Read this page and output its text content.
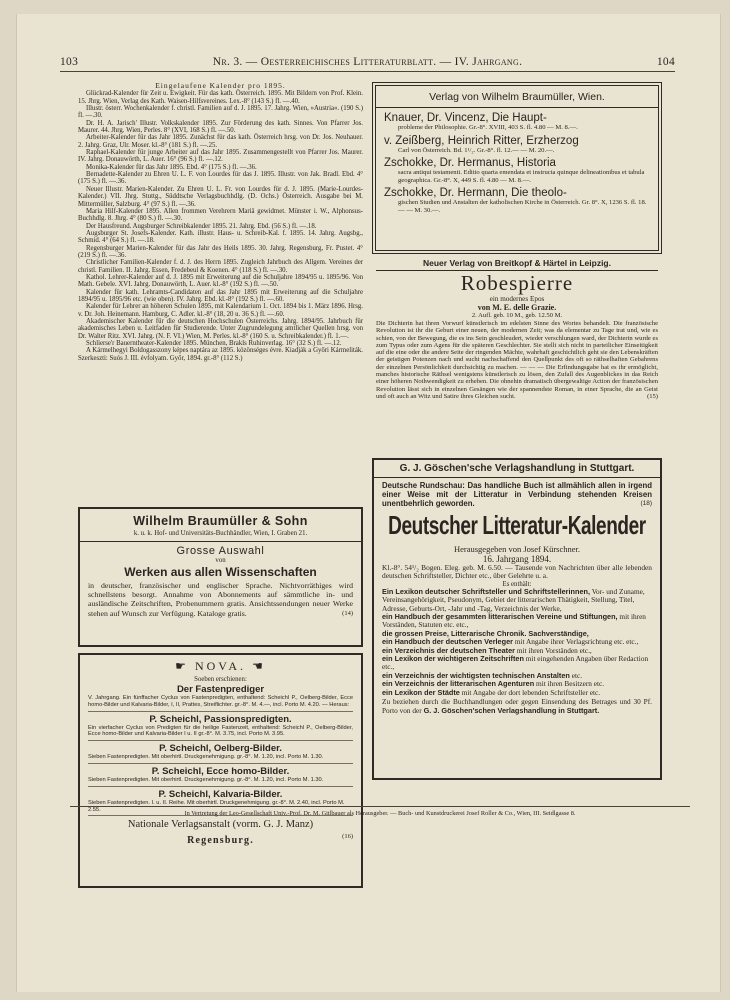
103	Nr. 3. — Oesterreichisches Litteraturblatt. — IV. Jahrgang.	104

Eingelaufene Kalender pro 1895.

Glückrad-Kalender für Zeit u. Ewigkeit. Für das kath. Österreich. 1895. Mit Bildern von Prof. Klein. 15. Jhrg. Wien, Verlag des Kath. Waisen-Hilfsvereines. Lex.-8° (143 S.) fl. —.40.

Illustr. österr. Wochenkalender f. christl. Familien auf d. J. 1895. 17. Jahrg. Wien, »Austria«. (190 S.) fl. —.30.

Dr. H. A. Jarisch' Illustr. Volkskalender 1895. Zur Förderung des kath. Sinnes. Von Pfarrer Jos. Maurer. 44. Jhrg. Wien, Perles. 8° (XVI, 168 S.) fl. —.50.

Arbeiter-Kalender für das Jahr 1895. Zunächst für das kath. Österreich hrsg. von Dr. Jos. Neuhauer. 2. Jahrg. Graz, Ulr. Moser. kl.-8° (181 S.) fl. —.25.

Raphael-Kalender für junge Arbeiter auf das Jahr 1895. Zusammengestellt von Pfarrer Jos. Maurer. IV. Jahrg. Donauwörth, L. Auer. 16° (96 S.) fl. —.12.

Monika-Kalender für das Jahr 1895. Ebd. 4° (175 S.) fl. —.36.

Bernadette-Kalender zu Ehren U. L. F. von Lourdes für das J. 1895. Illustr. von Jak. Bradl. Ebd. 4° (175 S.) fl. —.36.

Neuer Illustr. Marien-Kalender. Zu Ehren U. L. Fr. von Lourdes für d. J. 1895. (Marie-Lourdes-Kalender.) VII. Jhrg. Stuttg., Süddtsche Verlagsbuchhdlg. (D. Ochs.) Österreich. Ausgabe bei M. Mittermüller, Salzburg. 4° (97 S.) fl. —.36.

Maria Hilf-Kalender 1895. Allen frommen Verehrern Mariä gewidmet. Münster i. W., Alphonsus-Buchhdlg. 8. Jhrg. 4° (80 S.) fl. —.30.

Der Hausfreund. Augsburger Schreibkalender 1895. 21. Jahrg. Ebd. (56 S.) fl. —.18.

Augsburger St. Josefs-Kalender. Kath. illustr. Haus- u. Schreib-Kal. f. 1895. 14. Jahrg. Augsbg., Schmid. 4° (64 S.) fl. —.18.

Regensburger Marien-Kalender für das Jahr des Heils 1895. 30. Jahrg. Regensburg, Fr. Pustet. 4° (219 S.) fl. —.36.

Christlicher Familien-Kalender f. d. J. des Herrn 1895. Zugleich Jahrbuch des Allgem. Vereines der christl. Familien. II. Jahrg. Essen, Fredebeul & Koenen. 4° (118 S.) fl. —.30.

Kathol. Lehrer-Kalender auf d. J. 1895 mit Erweiterung auf die Schuljahre 1894/95 u. 1895/96. Von Math. Gebele. XVI. Jahrg. Donauwörth, L. Auer. kl.-8° (192 S.) fl. —.50.

Kalender für kath. Lehramts-Candidaten auf das Jahr 1895 mit Erweiterung auf die Schuljahre 1894/95 u. 1895/96 etc. (wie oben). IV. Jahrg. Ebd. kl.-8° (192 S.) fl. —.60.

Kalender für Lehrer an höheren Schulen 1895, mit Kalendarium 1. Oct. 1894 bis 1. März 1896. Hrsg. v. Dr. Joh. Heinemann. Hamburg, C. Adler. kl.-8° (18, 20 u. 36 S.) fl. —.60.

Akademischer Kalender für die deutschen Hochschulen Österreichs. Jahrg. 1894/95. Jahrbuch für akademisches Leben u. Leitfaden für Studierende. Unter Zugrundelegung amtlicher Quellen hrsg. von Dr. Walter Ritz. XVI. Jahrg. (N. F. VI.) Wien, M. Perles. kl.-8° (160 S. u. Schreibkalender.) fl. 1.—.

Schlierse'r Bauerntheater-Kalender 1895. München, Brakls Ruhinverlag. 16° (32 S.) fl. —.12.

A Kármelhegyi Boldogasszony képes naptára az 1895. közönséges évre. Kiadják a Győri Kármeliták. Szerkeszti: Suós J. III. évfolyam. Győr, 1894. gr.-8° (112 S.)

Wilhelm Braumüller & Sohn
k. u. k. Hof- und Universitäts-Buchhändler, Wien, I. Graben 21.
Grosse Auswahl
von
Werken aus allen Wissenschaften
in deutscher, französischer und englischer Sprache. Nichtvorräthiges wird schnellstens besorgt. Annahme von Abonnements auf sämmtliche in- und ausländische Zeitschriften, Probenummern gratis. Ansichtssendungen neuer Werke stehen auf Wunsch zur Verfügung. Kataloge gratis.	(14)
☛ NOVA. ☚
Soeben erschienen:
Der Fastenprediger
V. Jahrgang. Ein fünffacher Cyclus von Fastenpredigten, enthaltend: Scheichl P., Oelberg-Bilder, Ecce homo-Bilder und Kalvaria-Bilder, I, II, Prattes, Streiflichter. gr.-8°. M. 4.—, incl. Porto M. 4.20. — Heraus:
P. Scheichl, Passionspredigten.
Ein vierfacher Cyclus von Predigten für die heilige Fastenzeit, enthaltend: Scheichl P., Oelberg-Bilder, Ecce homo-Bilder und Kalvaria-Bilder I u. II gr.-8°. M. 3.75, incl. Porto M. 3.95.
P. Scheichl, Oelberg-Bilder.
Sieben Fastenpredigten. Mit oberhirtl. Druckgenehmigung. gr.-8°. M. 1.20, incl. Porto M. 1.30.
P. Scheichl, Ecce homo-Bilder.
Sieben Fastenpredigten. Mit oberhirtl. Druckgenehmigung. gr.-8°. M. 1.20, incl. Porto M. 1.30.
P. Scheichl, Kalvaria-Bilder.
Sieben Fastenpredigten. I. u. II. Reihe. Mit oberhirtl. Druckgenehmigung. gr.-8°. M. 2.40, incl. Porto M. 2.55.
Nationale Verlagsanstalt (vorm. G. J. Manz)
Regensburg.	(16)
Verlag von Wilhelm Braumüller, Wien.
Knauer, Dr. Vincenz, Die Haupt-
probleme der Philosophie. Gr.-8°. XVIII, 403 S. fl. 4.80 — M. 8.—.
v. Zeißberg, Heinrich Ritter, Erzherzog
Carl von Österreich. Bd. 1¹/₂. Gr.-8°. fl. 12.— — M. 20.—.
Zschokke, Dr. Hermanus, Historia
sacra antiqui testamenti. Editio quarta emendata et instructa quinque delineationibus et tabula geographica. Gr.-8°. X, 449 S. fl. 4.80 — M. 8.—.
Zschokke, Dr. Hermann, Die theolo-
gischen Studien und Anstalten der katholischen Kirche in Österreich. Gr. 8°. X, 1236 S. fl. 18.— — M. 30.—.
Neuer Verlag von Breitkopf & Härtel in Leipzig.
Robespierre
ein modernes Epos
von M. E. delle Grazie.
2. Aufl. geb. 10 M., geb. 12.50 M.
Die Dichterin hat ihren Vorwurf künstlerisch im edelsten Sinne des Wortes behandelt. Die französische Revolution ist ihr die Geburt einer neuen, der modernen Zeit; was da elementar zu Tage trat und, wie es schien, von der Bewegung, die es ins Sein geschleudert, wieder verschlungen ward, der Dichterin wurde es zum Typus oder zum Agens für die späteren Geschlechter. Sie stellt sich nicht in parteilicher Einseitigkeit auf die eine oder die andere Seite der ringenden Mächte, wahrhaft geschichtlich geht sie den Lebenskräften der geistigen Potenzen nach und sucht nachschaffend den Quellpunkt des oft so räthselhaften Gebahrens der einzelnen Persönlichkeit durchsichtig zu machen. — — — Die Erfindungsgabe hat es ihr ermöglicht, manches historische Räthsel wenigstens künstlerisch zu lösen, den Zufall des Augenblickes in das Reich einer höheren Nothwendigkeit zu erheben. Die ohnehin dramatisch übergewaltige Action der französischen Revolution lässt sich in einzelnen Gesängen wie der spannendste Roman, in einer Sprache, die an Geist und oft auch an Witz und Satire ihres Gleichen sucht.	(15)
G. J. Göschen'sche Verlagshandlung in Stuttgart.
Deutsche Rundschau: Das handliche Buch ist allmählich allen in irgend einer Weise mit der Litteratur in Verbindung stehenden Kreisen unentbehrlich geworden.	(18)
Deutscher Litteratur-Kalender
Herausgegeben von Josef Kürschner.
16. Jahrgang 1894.
Kl.-8°. 54¹/₂ Bogen. Eleg. geb. M. 6.50. — Tausende von Nachrichten über alle lebenden deutschen Schriftsteller, Dichter etc., über Gelehrte u. a.
Es enthält:

Ein Lexikon deutscher Schriftsteller und Schriftstellerinnen, Vor- und Zuname, Vereinsangehörigkeit, Pseudonym, Gebiet der litterarischen Thätigkeit, Stellung, Titel, Adresse, Geburts-Ort, -Jahr und -Tag, Verzeichnis der Werke,

ein Handbuch der gesammten litterarischen Vereine und Stiftungen, mit ihren Vorständen, Statuten etc. etc.,

die grossen Preise, Litterarische Chronik. Sachverständige,

ein Handbuch der deutschen Verleger mit Angabe ihrer Verlagsrichtung etc. etc.,

ein Verzeichnis der deutschen Theater mit ihren Vorständen etc.,

ein Lexikon der wichtigeren Zeitschriften mit eingehenden Angaben über Redaction etc.,

ein Verzeichnis der wichtigsten technischen Anstalten etc.

ein Verzeichnis der litterarischen Agenturen mit ihren Besitzern etc.

ein Lexikon der Städte mit Angabe der dort lebenden Schriftsteller etc.

Zu beziehen durch die Buchhandlungen oder gegen Einsendung des Betrages und 30 Pf. Porto von der G. J. Göschen'schen Verlagshandlung in Stuttgart.
In Vertretung der Leo-Gesellschaft Univ.-Prof. Dr. M. Gitlbauer als Herausgeber. — Buch- und Kunstdruckerei Josef Roller & Co., Wien, III. Seidlgasse 8.
